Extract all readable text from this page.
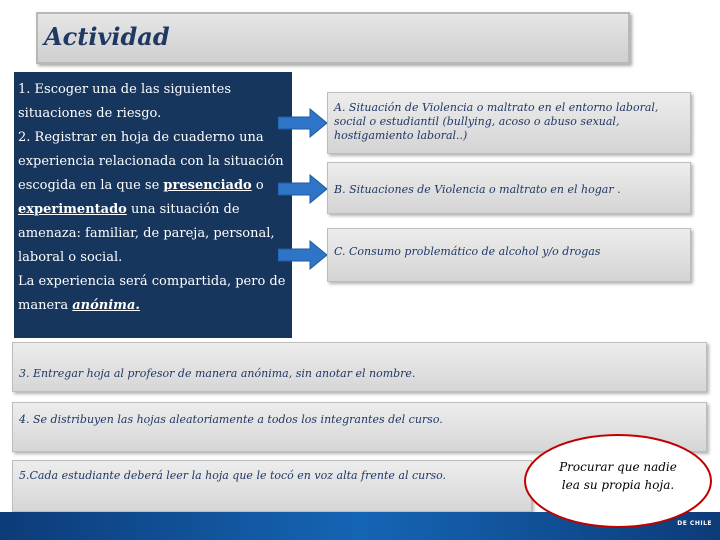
Actividad

1. Escoger una de las siguientes situaciones de riesgo.

2. Registrar en hoja de cuaderno una experiencia relacionada con la situación escogida en la que se presenciado o experimentado una situación de amenaza: familiar, de pareja, personal, laboral o social.

La experiencia será compartida, pero de manera anónima.

A. Situación de Violencia o maltrato en el entorno laboral, social o estudiantil (bullying, acoso o abuso sexual, hostigamiento laboral..)
B. Situaciones de Violencia o maltrato en el hogar .
C. Consumo problemático de alcohol y/o drogas
3. Entregar hoja al profesor de manera anónima, sin anotar el nombre.
4. Se distribuyen las hojas aleatoriamente a todos los integrantes del curso.
5.Cada estudiante deberá leer la hoja que le tocó en voz alta frente al curso.
DE CHILE
Procurar que nadie
lea su propia hoja.
